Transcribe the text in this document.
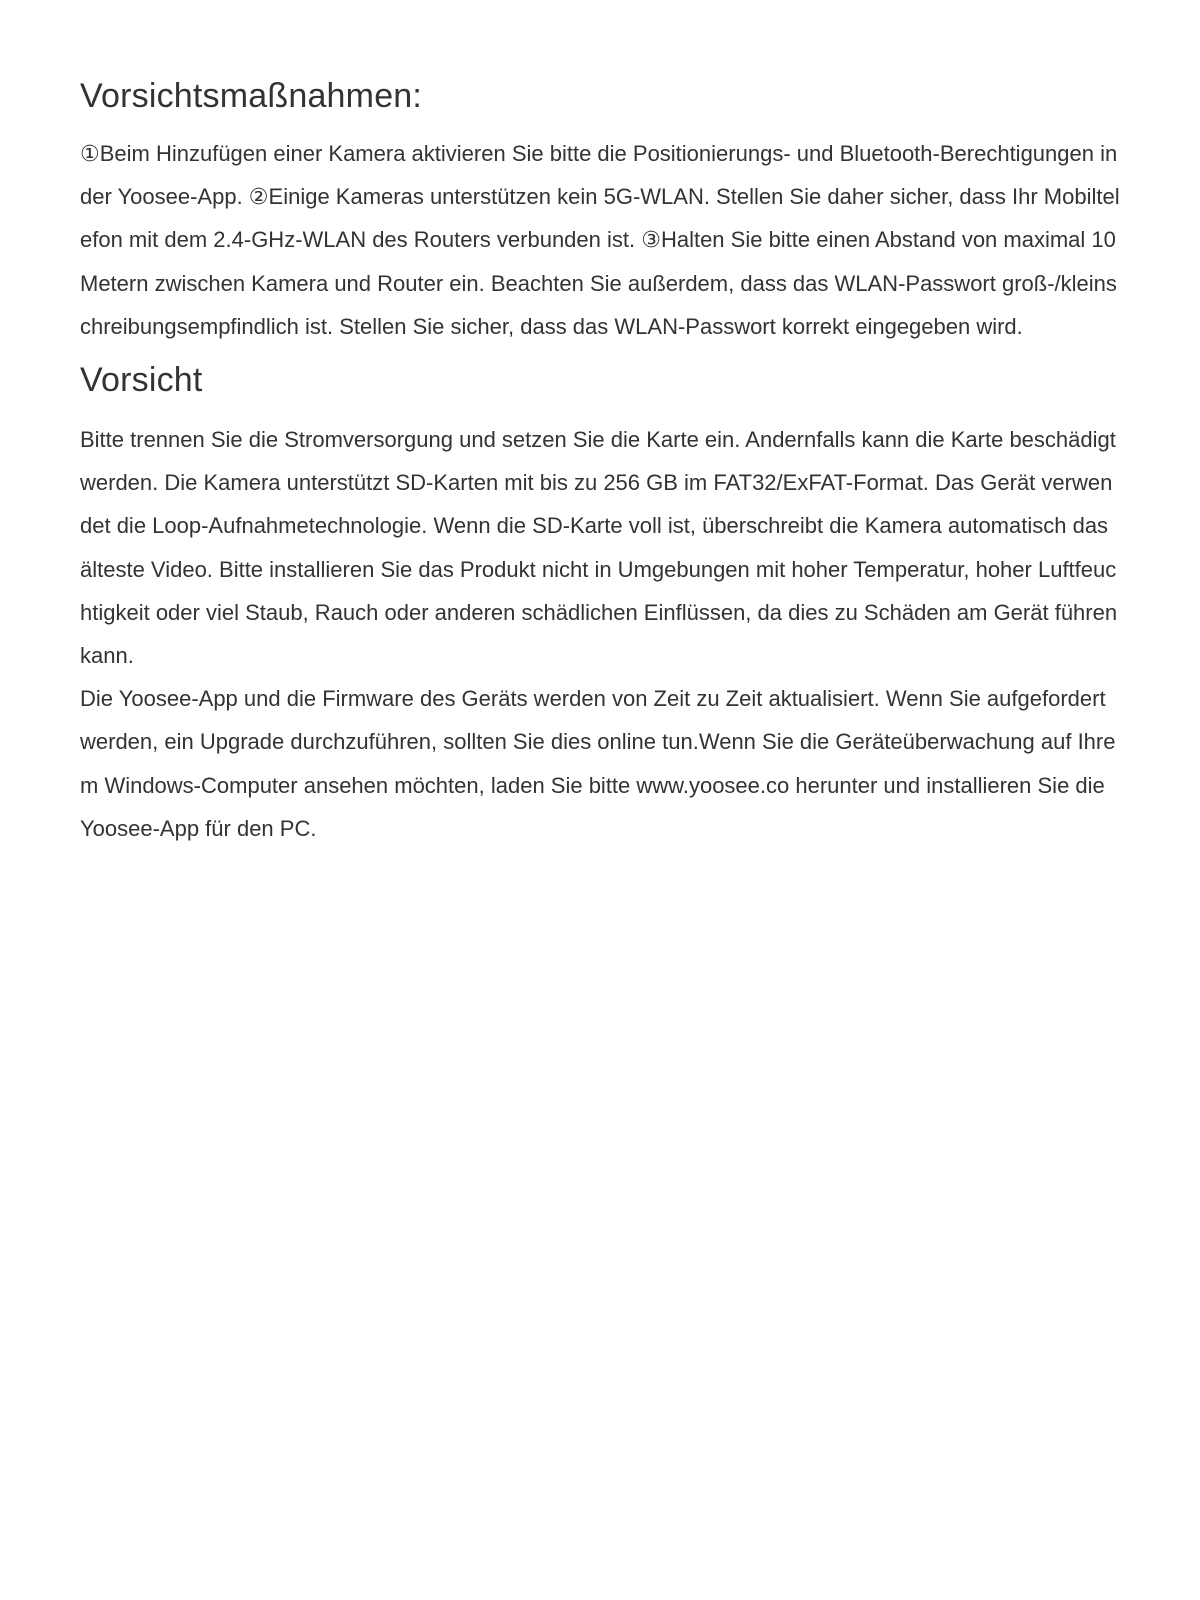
Vorsichtsmaßnahmen:

①Beim Hinzufügen einer Kamera aktivieren Sie bitte die Positionierungs- und Bluetooth-Berechtigungen in der Yoosee-App. ②Einige Kameras unterstützen kein 5G-WLAN. Stellen Sie daher sicher, dass Ihr Mobiltelefon mit dem 2.4-GHz-WLAN des Routers verbunden ist. ③Halten Sie bitte einen Abstand von maximal 10 Metern zwischen Kamera und Router ein. Beachten Sie außerdem, dass das WLAN-Passwort groß-/kleinschreibungsempfindlich ist. Stellen Sie sicher, dass das WLAN-Passwort korrekt eingegeben wird.

Vorsicht

Bitte trennen Sie die Stromversorgung und setzen Sie die Karte ein. Andernfalls kann die Karte beschädigt werden. Die Kamera unterstützt SD-Karten mit bis zu 256 GB im FAT32/ExFAT-Format. Das Gerät verwendet die Loop-Aufnahmetechnologie. Wenn die SD-Karte voll ist, überschreibt die Kamera automatisch das älteste Video. Bitte installieren Sie das Produkt nicht in Umgebungen mit hoher Temperatur, hoher Luftfeuchtigkeit oder viel Staub, Rauch oder anderen schädlichen Einflüssen, da dies zu Schäden am Gerät führen kann.

Die Yoosee-App und die Firmware des Geräts werden von Zeit zu Zeit aktualisiert. Wenn Sie aufgefordert werden, ein Upgrade durchzuführen, sollten Sie dies online tun.Wenn Sie die Geräteüberwachung auf Ihrem Windows-Computer ansehen möchten, laden Sie bitte www.yoosee.co herunter und installieren Sie die Yoosee-App für den PC.
